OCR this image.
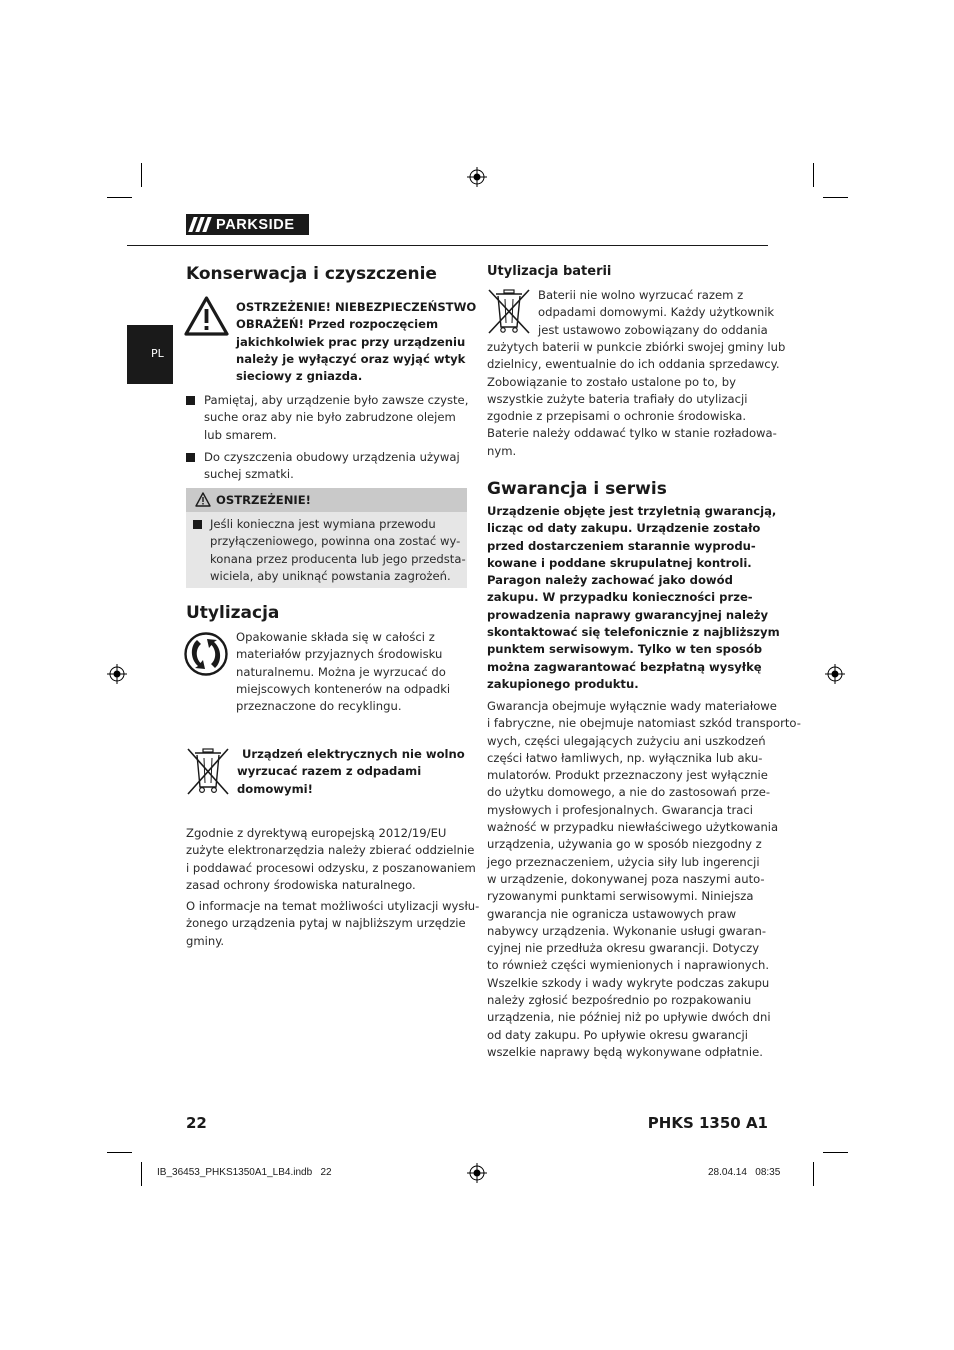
PARKSIDE
PL
Konserwacja i czyszczenie
OSTRZEŻENIE! NIEBEZPIECZEŃSTWO
OBRAŻEŃ! Przed rozpoczęciem
jakichkolwiek prac przy urządzeniu
należy je wyłączyć oraz wyjąć wtyk
sieciowy z gniazda.
Pamiętaj, aby urządzenie było zawsze czyste,
suche oraz aby nie było zabrudzone olejem
lub smarem.
Do czyszczenia obudowy urządzenia używaj
suchej szmatki.
OSTRZEŻENIE!
Jeśli konieczna jest wymiana przewodu
przyłączeniowego, powinna ona zostać wy-
konana przez producenta lub jego przedsta-
wiciela, aby uniknąć powstania zagrożeń.
Utylizacja
Opakowanie składa się w całości z
materiałów przyjaznych środowisku
naturalnemu. Można je wyrzucać do
miejscowych kontenerów na odpadki
przeznaczone do recyklingu.
Urządzeń elektrycznych nie wolno
wyrzucać razem z odpadami
domowymi!
Zgodnie z dyrektywą europejską 2012/19/EU
zużyte elektronarzędzia należy zbierać oddzielnie
i poddawać procesowi odzysku, z poszanowaniem
zasad ochrony środowiska naturalnego.
O informacje na temat możliwości utylizacji wysłu-
żonego urządzenia pytaj w najbliższym urzędzie
gminy.
Utylizacja baterii
Baterii nie wolno wyrzucać razem z
odpadami domowymi. Każdy użytkownik
jest ustawowo zobowiązany do oddania
zużytych baterii w punkcie zbiórki swojej gminy lub
dzielnicy, ewentualnie do ich oddania sprzedawcy.
Zobowiązanie to zostało ustalone po to, by
wszystkie zużyte bateria trafiały do utylizacji
zgodnie z przepisami o ochronie środowiska.
Baterie należy oddawać tylko w stanie rozładowa-
nym.
Gwarancja i serwis
Urządzenie objęte jest trzyletnią gwarancją,
licząc od daty zakupu. Urządzenie zostało
przed dostarczeniem starannie wyprodu-
kowane i poddane skrupulatnej kontroli.
Paragon należy zachować jako dowód
zakupu. W przypadku konieczności prze-
prowadzenia naprawy gwarancyjnej należy
skontaktować się telefonicznie z najbliższym
punktem serwisowym. Tylko w ten sposób
można zagwarantować bezpłatną wysyłkę
zakupionego produktu.
Gwarancja obejmuje wyłącznie wady materiałowe
i fabryczne, nie obejmuje natomiast szkód transporto-
wych, części ulegających zużyciu ani uszkodzeń
części łatwo łamliwych, np. wyłącznika lub aku-
mulatorów. Produkt przeznaczony jest wyłącznie
do użytku domowego, a nie do zastosowań prze-
mysłowych i profesjonalnych. Gwarancja traci
ważność w przypadku niewłaściwego użytkowania
urządzenia, używania go w sposób niezgodny z
jego przeznaczeniem, użycia siły lub ingerencji
w urządzenie, dokonywanej poza naszymi auto-
ryzowanymi punktami serwisowymi. Niniejsza
gwarancja nie ogranicza ustawowych praw
nabywcy urządzenia. Wykonanie usługi gwaran-
cyjnej nie przedłuża okresu gwarancji. Dotyczy
to również części wymienionych i naprawionych.
Wszelkie szkody i wady wykryte podczas zakupu
należy zgłosić bezpośrednio po rozpakowaniu
urządzenia, nie później niż po upływie dwóch dni
od daty zakupu. Po upływie okresu gwarancji
wszelkie naprawy będą wykonywane odpłatnie.
22	PHKS 1350 A1
IB_36453_PHKS1350A1_LB4.indb   22	28.04.14   08:35
